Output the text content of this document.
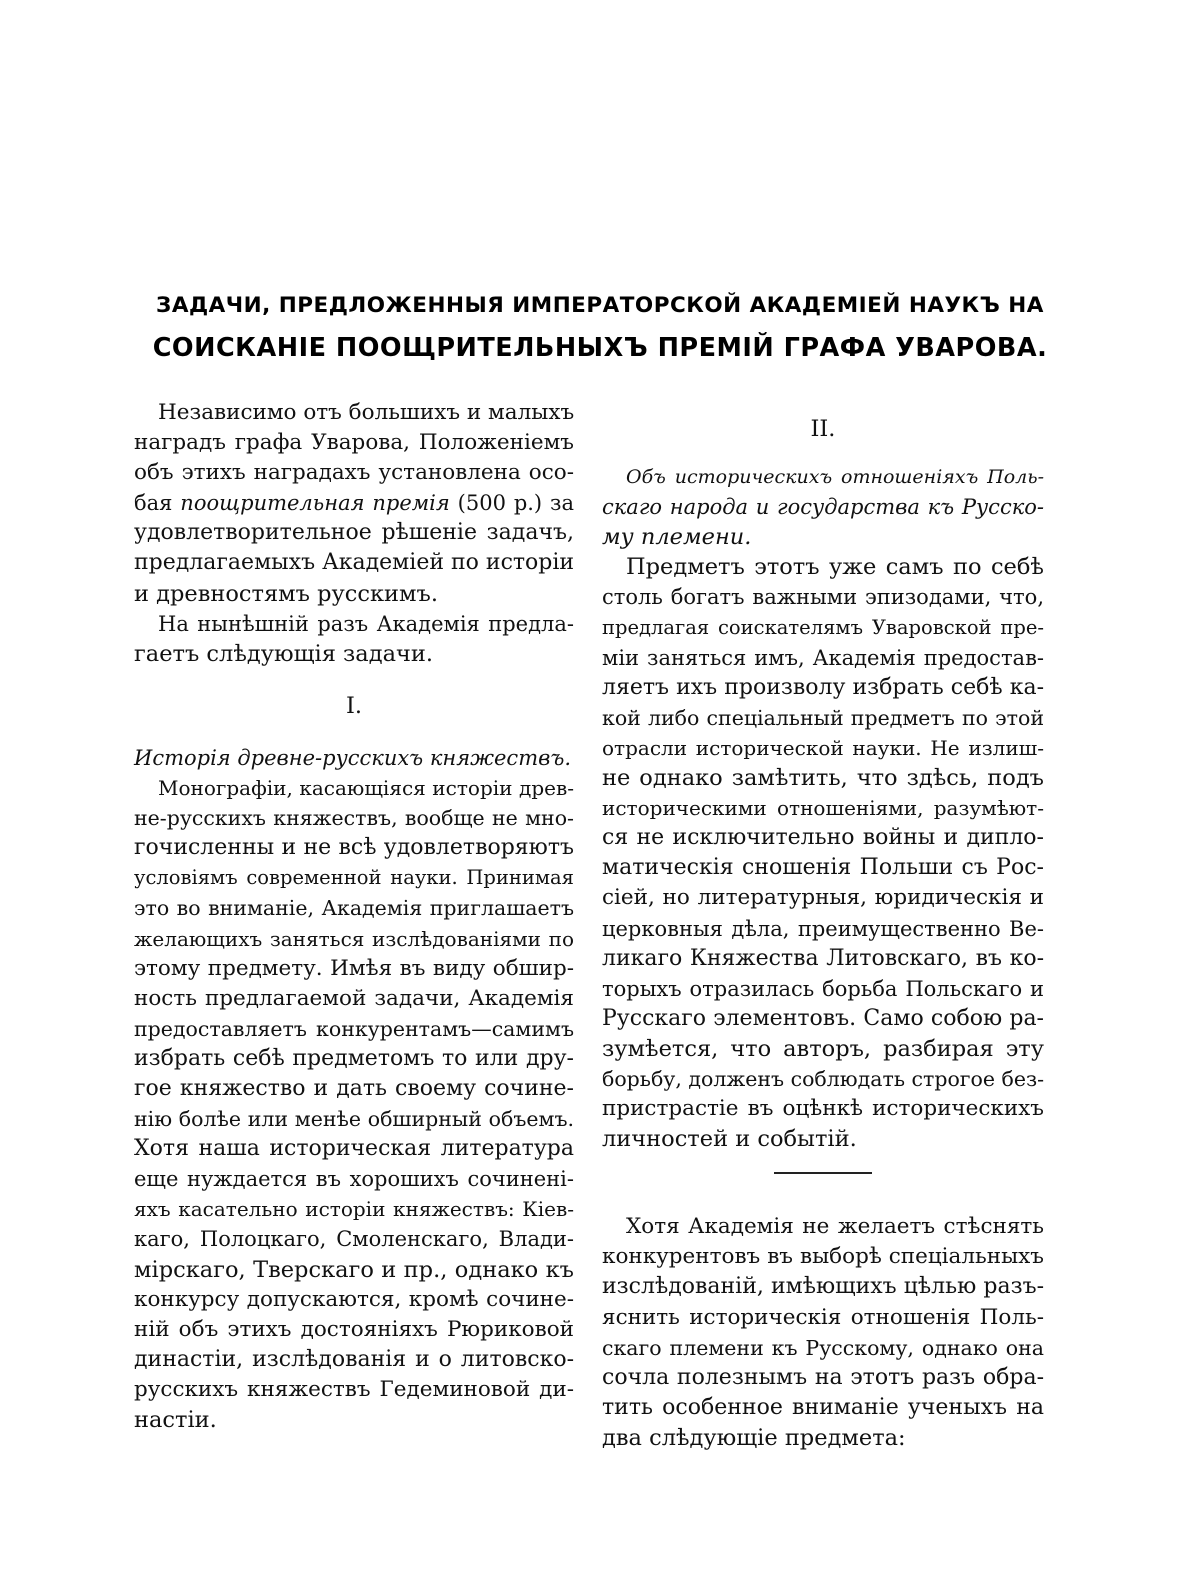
ЗАДАЧИ, ПРЕДЛОЖЕННЫЯ ИМПЕРАТОРСКОЙ АКАДЕМІЕЙ НАУКЪ НА
СОИСКАНІЕ ПООЩРИТЕЛЬНЫХЪ ПРЕМІЙ ГРАФА УВАРОВА.
Независимо отъ большихъ и малыхъ
наградъ графа Уварова, Положеніемъ
объ этихъ наградахъ установлена осо-
бая поощрительная премія (500 р.) за
удовлетворительное рѣшеніе задачъ,
предлагаемыхъ Академіей по исторіи
и древностямъ русскимъ.
На нынѣшній разъ Академія предла-
гаетъ слѣдующія задачи.
I.
Исторія древне-русскихъ княжествъ.
Монографіи, касающіяся исторіи древ-
не-русскихъ княжествъ, вообще не мно-
гочисленны и не всѣ удовлетворяютъ
условіямъ современной науки. Принимая
это во вниманіе, Академія приглашаетъ
желающихъ заняться изслѣдованіями по
этому предмету. Имѣя въ виду обшир-
ность предлагаемой задачи, Академія
предоставляетъ конкурентамъ—самимъ
избрать себѣ предметомъ то или дру-
гое княжество и дать своему сочине-
нію болѣе или менѣе обширный объемъ.
Хотя наша историческая литература
еще нуждается въ хорошихъ сочинені-
яхъ касательно исторіи княжествъ: Кіев-
каго, Полоцкаго, Смоленскаго, Влади-
мірскаго, Тверскаго и пр., однако къ
конкурсу допускаются, кромѣ сочине-
ній объ этихъ достояніяхъ Рюриковой
династіи, изслѣдованія и о литовско-
русскихъ княжествъ Гедеминовой ди-
настіи.
II.
Объ историческихъ отношеніяхъ Поль-
скаго народа и государства къ Русско-
му племени.
Предметъ этотъ уже самъ по себѣ
столь богатъ важными эпизодами, что,
предлагая соискателямъ Уваровской пре-
міи заняться имъ, Академія предостав-
ляетъ ихъ произволу избрать себѣ ка-
кой либо спеціальный предметъ по этой
отрасли исторической науки. Не излиш-
не однако замѣтить, что здѣсь, подъ
историческими отношеніями, разумѣют-
ся не исключительно войны и дипло-
матическія сношенія Польши съ Рос-
сіей, но литературныя, юридическія и
церковныя дѣла, преимущественно Ве-
ликаго Княжества Литовскаго, въ ко-
торыхъ отразилась борьба Польскаго и
Русскаго элементовъ. Само собою ра-
зумѣется, что авторъ, разбирая эту
борьбу, долженъ соблюдать строгое без-
пристрастіе въ оцѣнкѣ историческихъ
личностей и событій.
Хотя Академія не желаетъ стѣснять
конкурентовъ въ выборѣ спеціальныхъ
изслѣдованій, имѣющихъ цѣлью разъ-
яснить историческія отношенія Поль-
скаго племени къ Русскому, однако она
сочла полезнымъ на этотъ разъ обра-
тить особенное вниманіе ученыхъ на
два слѣдующіе предмета:
